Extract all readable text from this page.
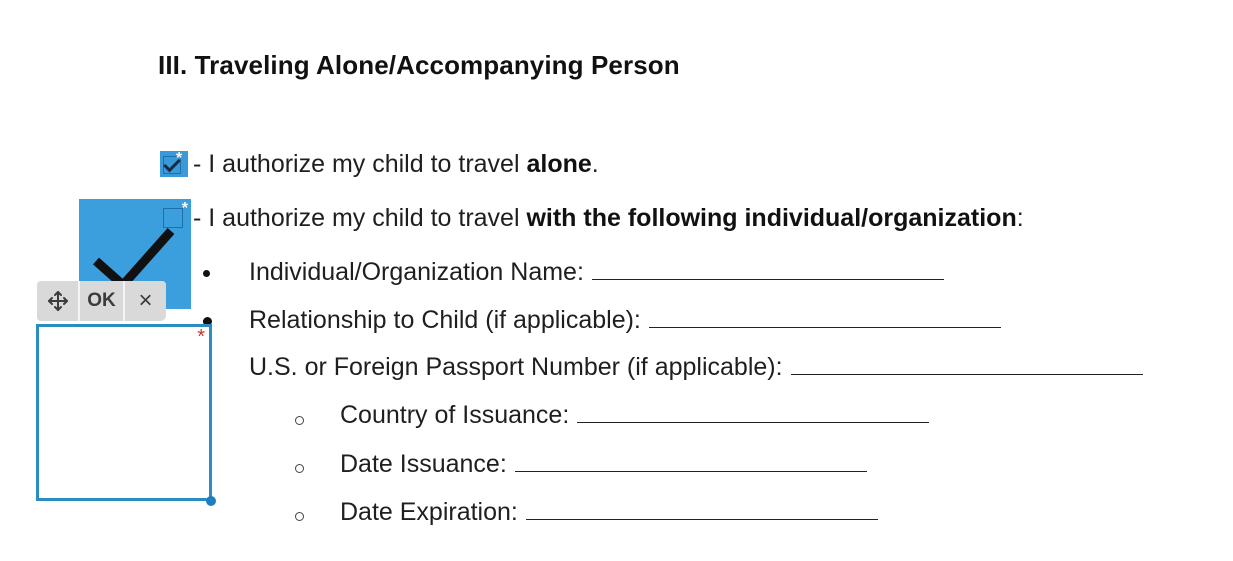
III. Traveling Alone/Accompanying Person
* - I authorize my child to travel alone.
- I authorize my child to travel with the following individual/organization:
Individual/Organization Name:
Relationship to Child (if applicable):
U.S. or Foreign Passport Number (if applicable):
Country of Issuance:
Date Issuance:
Date Expiration:
*
OK ×
*
